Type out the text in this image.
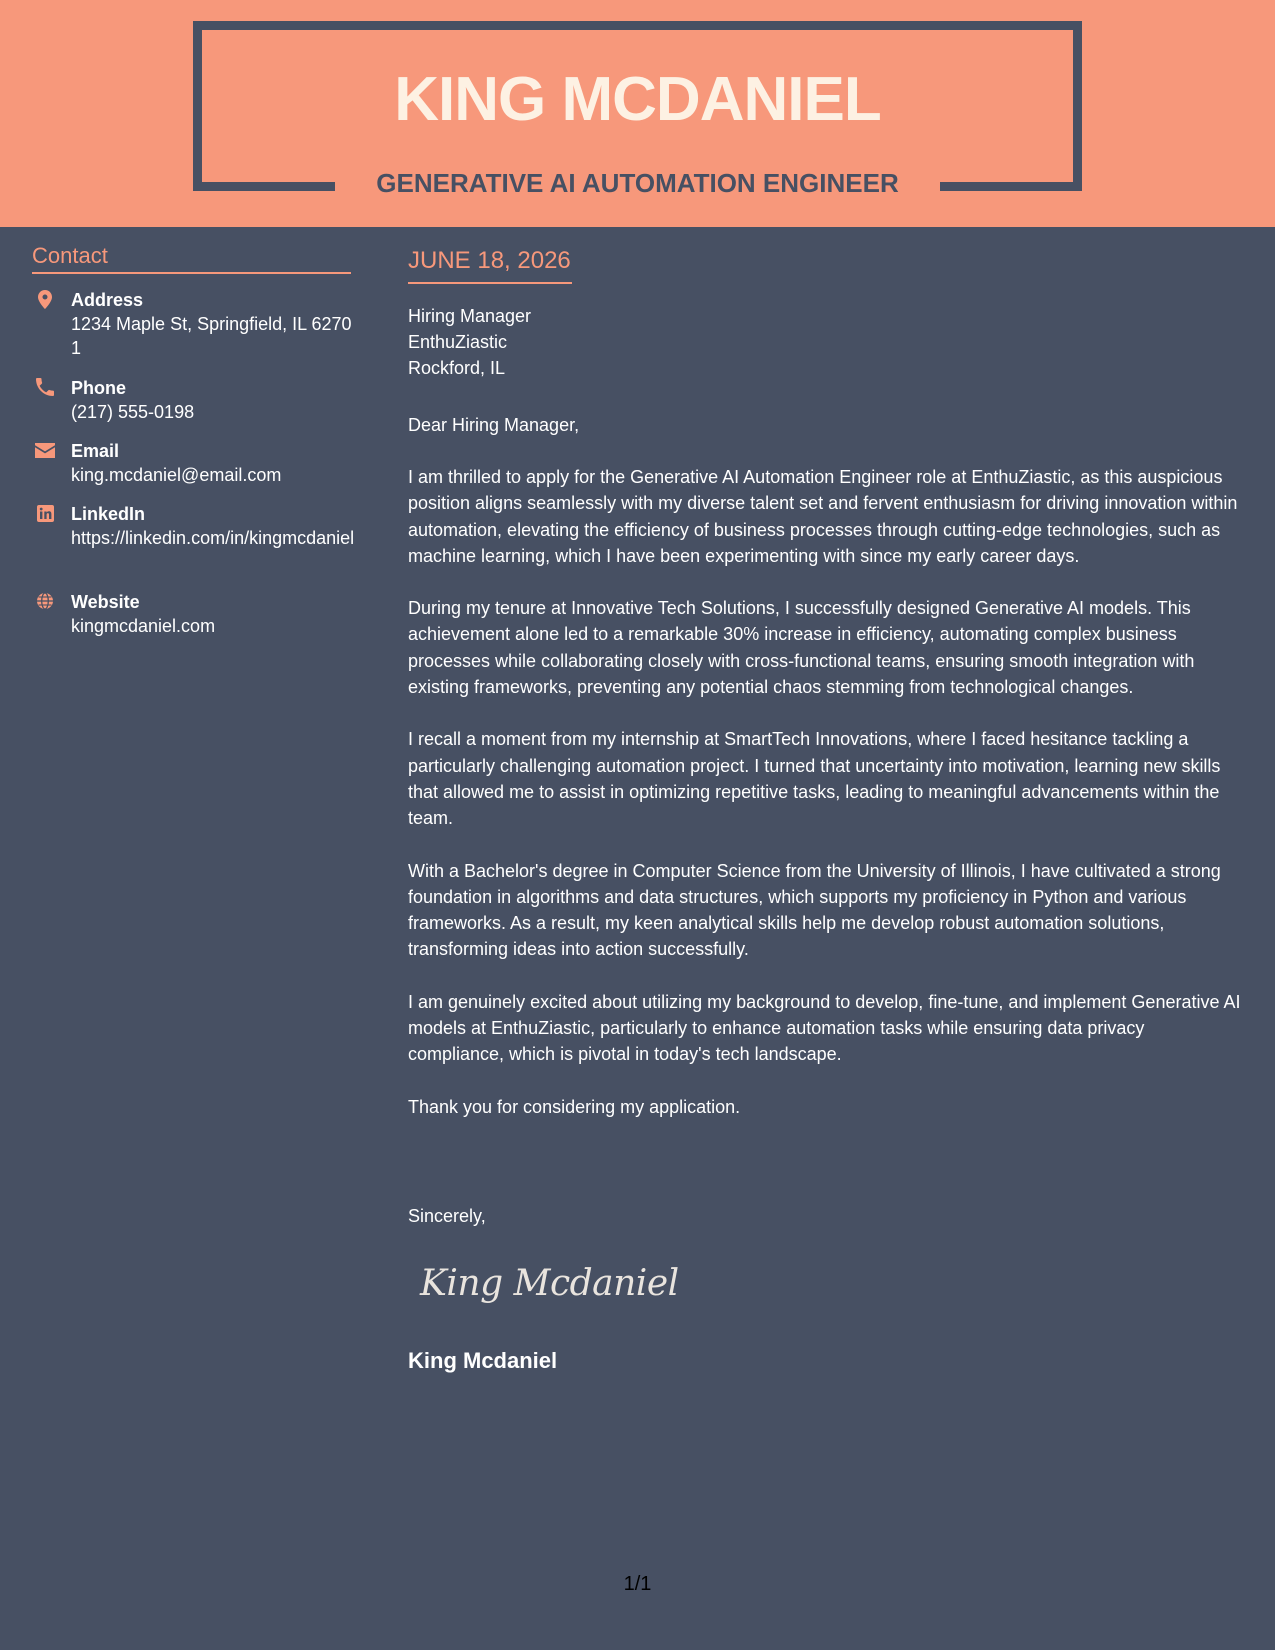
KING MCDANIEL
GENERATIVE AI AUTOMATION ENGINEER
Contact
Address
1234 Maple St, Springfield, IL 62701
Phone
(217) 555-0198
Email
king.mcdaniel@email.com
LinkedIn
https://linkedin.com/in/kingmcdaniel
Website
kingmcdaniel.com
JUNE 18, 2026
Hiring Manager
EnthuZiastic
Rockford, IL
Dear Hiring Manager,

I am thrilled to apply for the Generative AI Automation Engineer role at EnthuZiastic, as this auspicious position aligns seamlessly with my diverse talent set and fervent enthusiasm for driving innovation within automation, elevating the efficiency of business processes through cutting-edge technologies, such as machine learning, which I have been experimenting with since my early career days.

During my tenure at Innovative Tech Solutions, I successfully designed Generative AI models. This achievement alone led to a remarkable 30% increase in efficiency, automating complex business processes while collaborating closely with cross-functional teams, ensuring smooth integration with existing frameworks, preventing any potential chaos stemming from technological changes.

I recall a moment from my internship at SmartTech Innovations, where I faced hesitance tackling a particularly challenging automation project. I turned that uncertainty into motivation, learning new skills that allowed me to assist in optimizing repetitive tasks, leading to meaningful advancements within the team.

With a Bachelor's degree in Computer Science from the University of Illinois, I have cultivated a strong foundation in algorithms and data structures, which supports my proficiency in Python and various frameworks. As a result, my keen analytical skills help me develop robust automation solutions, transforming ideas into action successfully.

I am genuinely excited about utilizing my background to develop, fine-tune, and implement Generative AI models at EnthuZiastic, particularly to enhance automation tasks while ensuring data privacy compliance, which is pivotal in today's tech landscape.

Thank you for considering my application.

Sincerely,
King Mcdaniel
King Mcdaniel
1/1
